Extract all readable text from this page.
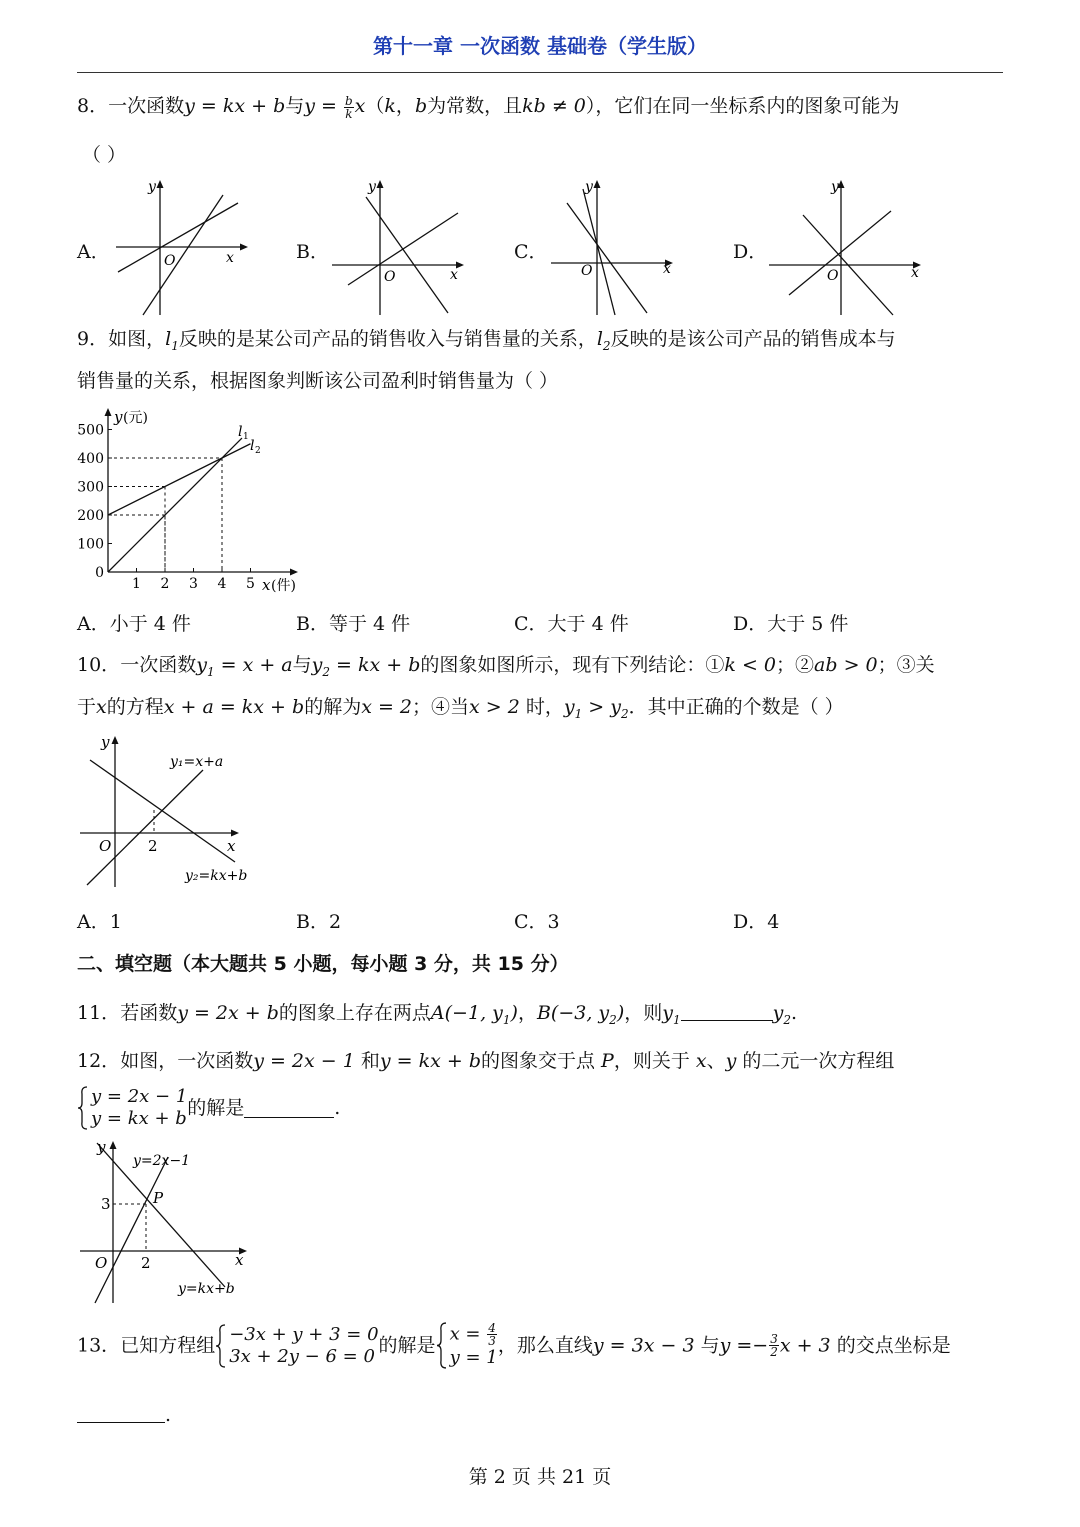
第十一章 一次函数 基础卷（学生版）
8．一次函数y = kx + b与$y = \frac{b}{k} x(k$，b为常数，且kb ≠ 0），它们在同一坐标系内的图象可能为
（ ）
A．	B．	C．	D．
y
x
O
y
x
O
y
x
O
y
x
O
9．如图，$l_1$反映的是某公司产品的销售收入与销售量的关系，$l_2$反映的是该公司产品的销售成本与
销售量的关系，根据图象判断该公司盈利时销售量为（ ）
500
400
300
200
100
0
1 2 3 4 5
y (元)
x (件)
l 1
l 2
A．小于 4 件	B．等于 4 件	C．大于 4 件	D．大于 5 件
10．一次函数$y_1 = x + a$与$y_2$ = kx + b的图象如图所示，现有下列结论：①k < 0；②ab > 0；③关
于x的方程x + a = kx + b的解为x = 2；④当x > 2 时，$y_1 > y_2$．其中正确的个数是（ ）
y
x
O 2
y₁=x+a
y₂=kx+b
A．1	B．2	C．3	D．4
二、填空题（本大题共 5 小题，每小题 3 分，共 15 分）
11．若函数y = 2x + b的图象上存在两点A(−1, $y_1$)，B(−3, $y_2$)，则$y_1$	$y_2$.
12．如图，一次函数y = 2x − 1 和y = kx + b的图象交于点 P，则关于 x、y 的二元一次方程组
y = 2x − 1
y = kx + b 的解是	.
y
x
O
3
2
P
y=2x−1
y=kx+b
13．已知方程组
−3x + y + 3 = 0
3x + 2y − 6 = 0 的解是
$x = \frac{4}{3}$
y = 1
，那么直线y = 3x − 3 与$y =- \frac{3}{2}$ x + 3 的交点坐标是
.
第 2 页 共 21 页
